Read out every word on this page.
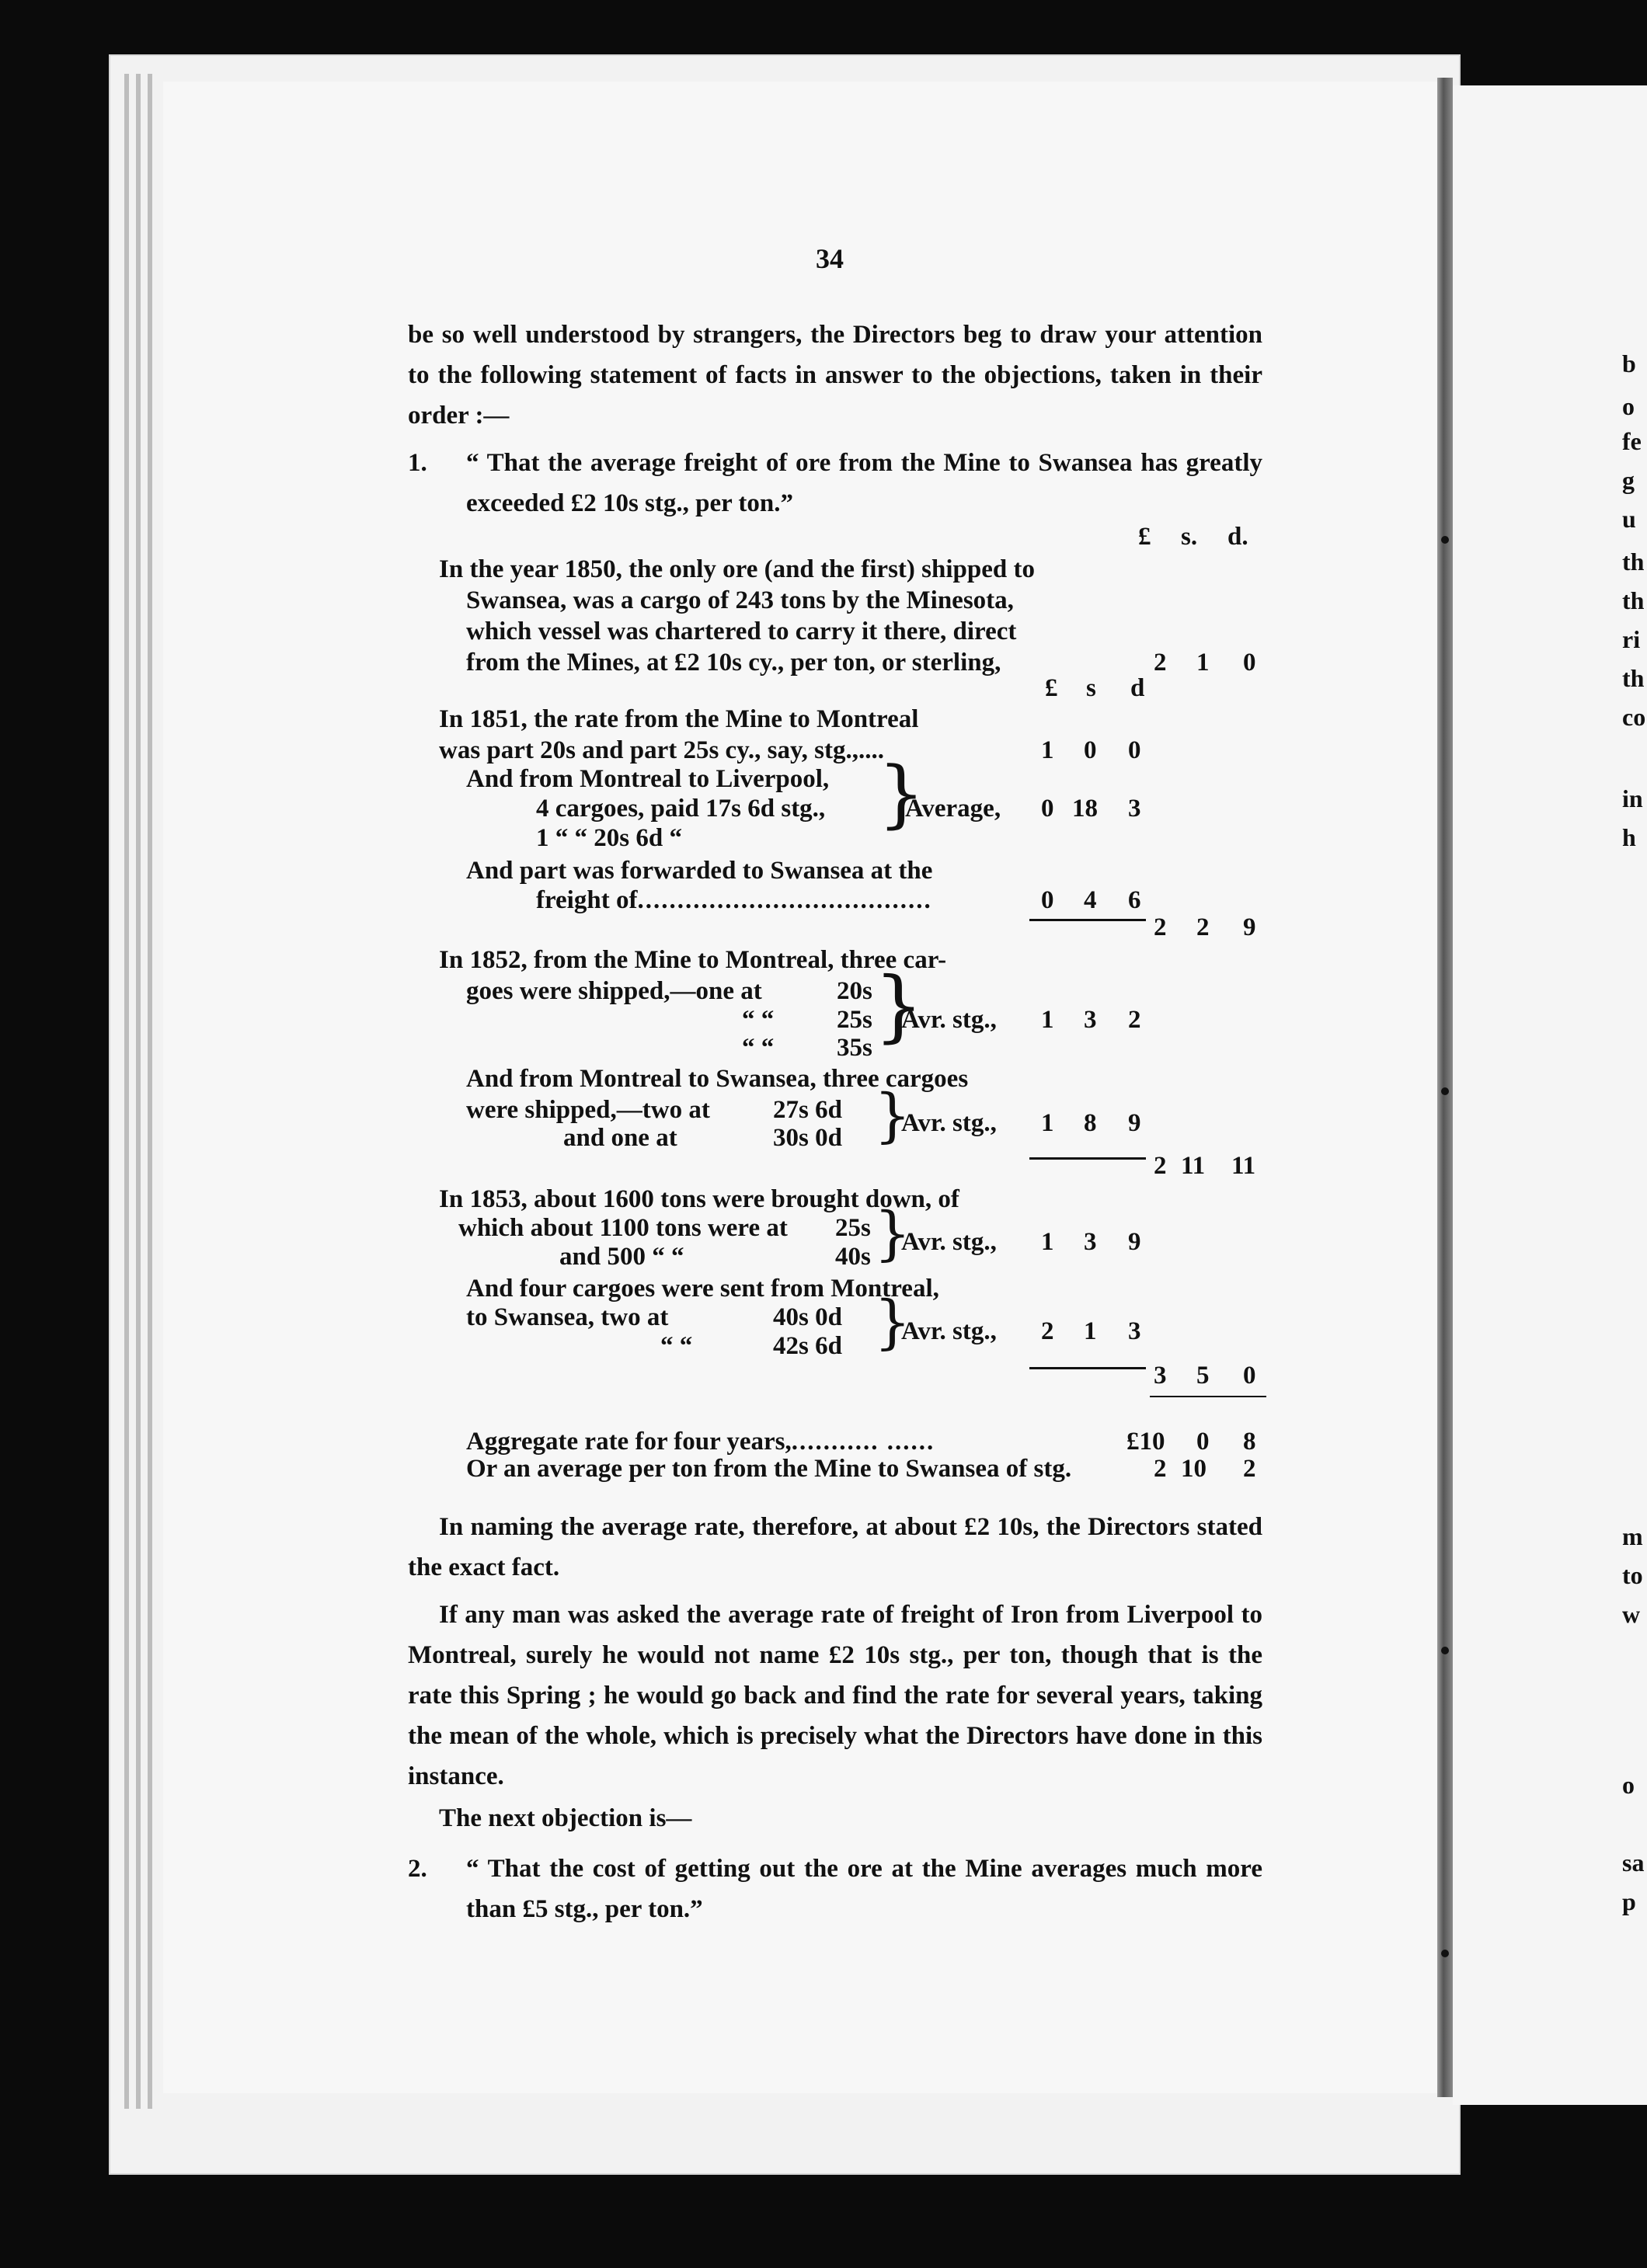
b
o
fe
g
u
th
th
ri
th
co
in
h
m
to
w
o
sa
p
34
be so well understood by strangers, the Directors beg to draw your attention to the following statement of facts in answer to the objections, taken in their order :—
1. “ That the average freight of ore from the Mine to Swansea has greatly exceeded £2 10s stg., per ton.”
£ s. d.
In the year 1850, the only ore (and the first) shipped to
Swansea, was a cargo of 243 tons by the Minesota,
which vessel was chartered to carry it there, direct
from the Mines, at £2 10s cy., per ton, or sterling,	2 1 0
£ s d
In 1851, the rate from the Mine to Montreal
was part 20s and part 25s cy., say, stg.,....	1 0 0
And from Montreal to Liverpool,
4 cargoes, paid 17s 6d stg.,
1 “ “ 20s 6d “
}
Average, 0 18 3
And part was forwarded to Swansea at the
freight of.....................................	0 4 6
2 2 9
In 1852, from the Mine to Montreal, three car-
goes were shipped,—one at	20s
“ “ 25s
“ “ 35s }
Avr. stg., 1 3 2
And from Montreal to Swansea, three cargoes
were shipped,—two at 27s 6d
and one at	30s 0d }
Avr. stg., 1 8 9
2 11 11
In 1853, about 1600 tons were brought down, of
which about 1100 tons were at 25s
and 500 “ “	40s }
Avr. stg., 1 3 9
And four cargoes were sent from Montreal,
to Swansea, two at	40s 0d
“ “	42s 6d }
Avr. stg., 2 1 3
3 5 0
Aggregate rate for four years,........... ......	£10 0 8
Or an average per ton from the Mine to Swansea of stg.	2 10 2
In naming the average rate, therefore, at about £2 10s, the Directors stated the exact fact.
If any man was asked the average rate of freight of Iron from Liverpool to Montreal, surely he would not name £2 10s stg., per ton, though that is the rate this Spring ; he would go back and find the rate for several years, taking the mean of the whole, which is precisely what the Directors have done in this instance.
The next objection is—
2. “ That the cost of getting out the ore at the Mine averages much more than £5 stg., per ton.”
